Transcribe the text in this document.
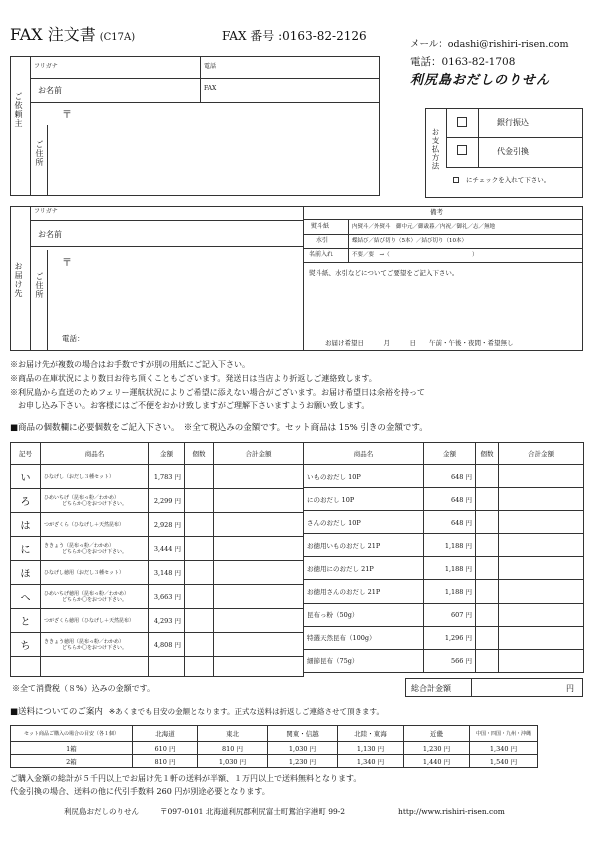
FAX 注文書 (C17A)	FAX 番号 :0163-82-2126
メール：odashi@rishiri-risen.com
電話：0163-82-1708
利尻島おだしのりせん
ご依頼主
フリガナ
お名前
電話
FAX
ご住所
〒
お支払方法
銀行振込
代金引換
にチェックを入れて下さい。
お届け先
フリガナ
お名前
ご住所
〒
電話：
備考
熨斗紙	内熨斗／外熨斗　御中元／御歳暮／内祝／御礼／志／無地
水引	蝶結び／結び切り（5本）／結び切り（10本）
名前入れ	不要／要　→（　　　　　　　　　　　　　　　）
熨斗紙、水引などについてご要望をご記入下さい。
お届け希望日　　　月　　　日　　午前・午後・夜間・希望無し
※お届け先が複数の場合はお手数ですが別の用紙にご記入下さい。
※商品の在庫状況により数日お待ち頂くこともございます。発送日は当店より折返しご連絡致します。
※利尻島から直送のためフェリー運航状況によりご希望に添えない場合がございます。お届け希望日は余裕を持って
　お申し込み下さい。お客様にはご不便をおかけ致しますがご理解下さいますようお願い致します。
■商品の個数欄に必要個数をご記入下さい。　※全て税込みの金額です。セット商品は 15% 引きの金額です。
記号	商品名	金額	個数	合計金額
い	ひなげし（おだし３種セット）	1,783 円		
ろ	ひめいちげ（昆布っ粉／わかめ）
どちらか〇をおつけ下さい。	2,299 円		
は	つがざくら（ひなげし＋天然昆布）	2,928 円		
に	ききょう（昆布っ粉／わかめ）
どちらか〇をおつけ下さい。	3,444 円		
ほ	ひなげし徳用（おだし３種セット）	3,148 円		
へ	ひめいちげ徳用（昆布っ粉／わかめ）
どちらか〇をおつけ下さい。	3,663 円		
と	つがざくら徳用（ひなげし＋天然昆布）	4,293 円		
ち	ききょう徳用（昆布っ粉／わかめ）
どちらか〇をおつけ下さい。	4,808 円		

商品名	金額	個数	合計金額
いものおだし 10P	648 円		
にのおだし 10P	648 円		
さんのおだし 10P	648 円		
お徳用いものおだし 21P	1,188 円		
お徳用にのおだし 21P	1,188 円		
お徳用さんのおだし 21P	1,188 円		
昆布っ粉（50g）	607 円		
特選天然昆布（100g）	1,296 円		
細節昆布（75g）	566 円		
※全て消費税（８%）込みの金額です。	総合計金額	円
■送料についてのご案内 ※あくまでも目安の金額となります。正式な送料は折返しご連絡させて頂きます。
セット商品ご購入の場合の目安（各１個）	北海道	東北	関東・信越	北陸・東海	近畿	中国・四国・九州・沖縄
1箱	610 円	810 円	1,030 円	1,130 円	1,230 円	1,340 円
2箱	810 円	1,030 円	1,230 円	1,340 円	1,440 円	1,540 円
ご購入金額の総計が５千円以上でお届け先１軒の送料が半額、１万円以上で送料無料となります。
代金引換の場合、送料の他に代引手数料 260 円が別途必要となります。
利尻島おだしのりせん	〒097-0101 北海道利尻郡利尻富士町鴛泊字港町 99-2	http://www.rishiri-risen.com
